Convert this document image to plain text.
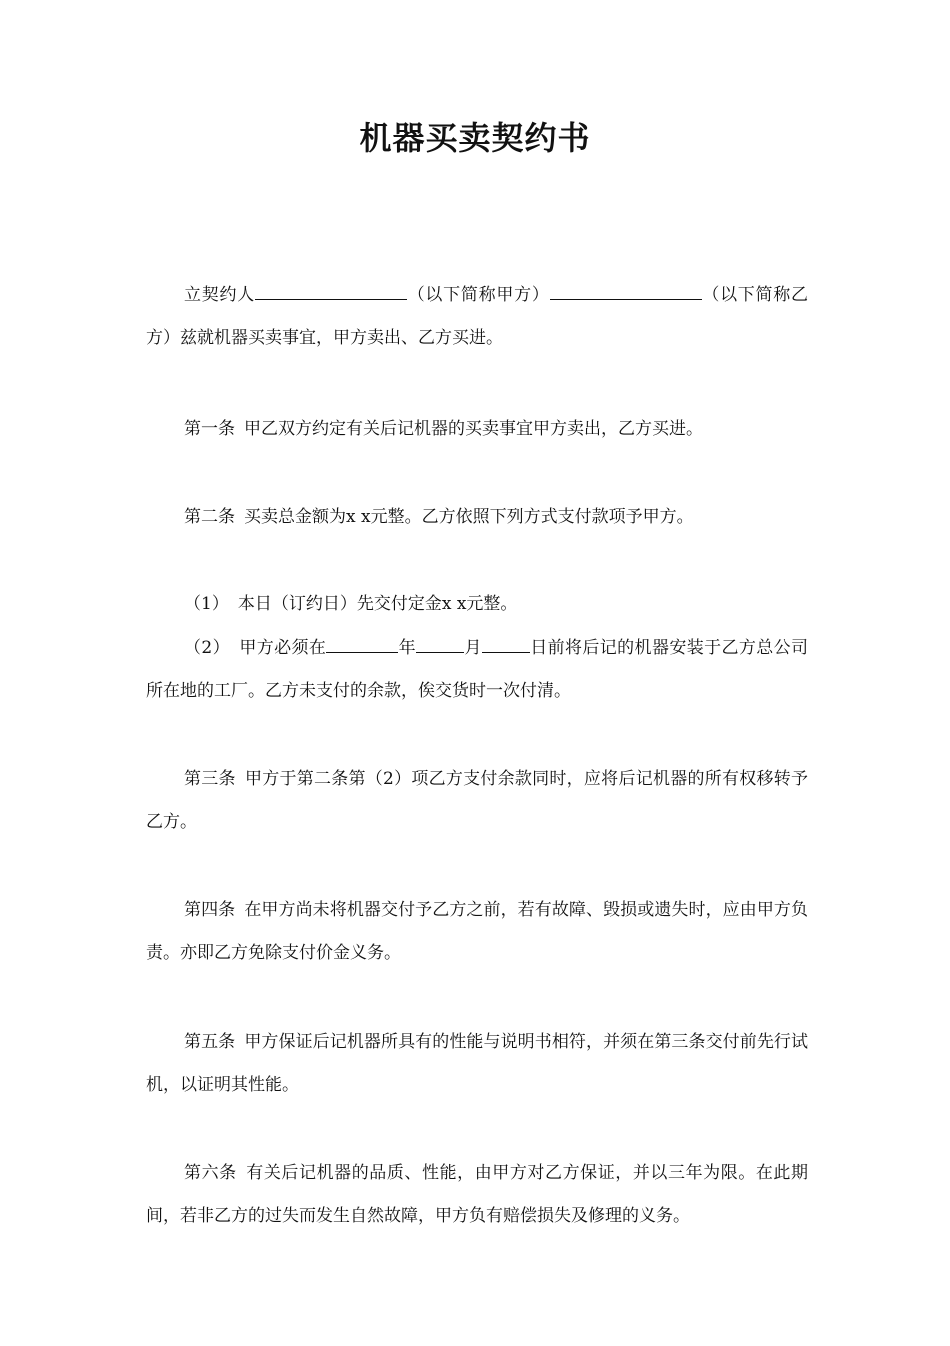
机器买卖契约书
立契约人	（以下简称甲方）	（以下简称乙方）兹就机器买卖事宜，甲方卖出、乙方买进。
第一条 甲乙双方约定有关后记机器的买卖事宜甲方卖出，乙方买进。
第二条 买卖总金额为x x元整。乙方依照下列方式支付款项予甲方。
（1） 本日（订约日）先交付定金x x元整。
（2） 甲方必须在	年	月	日前将后记的机器安装于乙方总公司所在地的工厂。乙方未支付的余款，俟交货时一次付清。
第三条 甲方于第二条第（2）项乙方支付余款同时，应将后记机器的所有权移转予乙方。
第四条 在甲方尚未将机器交付予乙方之前，若有故障、毁损或遗失时，应由甲方负责。亦即乙方免除支付价金义务。
第五条 甲方保证后记机器所具有的性能与说明书相符，并须在第三条交付前先行试机，以证明其性能。
第六条 有关后记机器的品质、性能，由甲方对乙方保证，并以三年为限。在此期间，若非乙方的过失而发生自然故障，甲方负有赔偿损失及修理的义务。
